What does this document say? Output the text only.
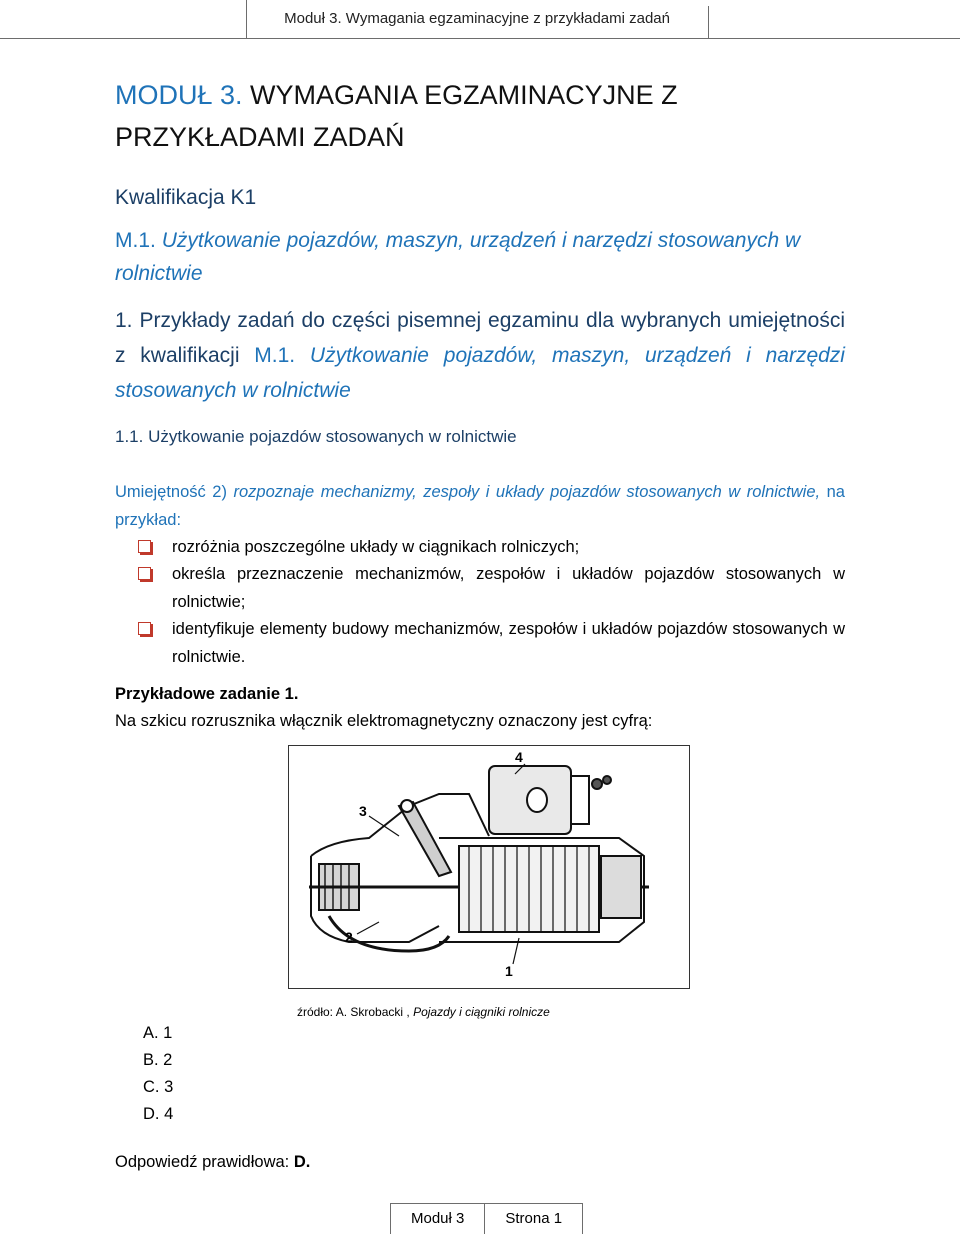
Moduł 3. Wymagania egzaminacyjne z przykładami zadań
MODUŁ 3. WYMAGANIA EGZAMINACYJNE Z PRZYKŁADAMI ZADAŃ
Kwalifikacja K1
M.1. Użytkowanie pojazdów, maszyn, urządzeń i narzędzi stosowanych w rolnictwie
1. Przykłady zadań do części pisemnej egzaminu dla wybranych umiejętności z kwalifikacji M.1. Użytkowanie pojazdów, maszyn, urządzeń i narzędzi stosowanych w rolnictwie
1.1. Użytkowanie pojazdów stosowanych w rolnictwie
Umiejętność 2) rozpoznaje mechanizmy, zespoły i układy pojazdów stosowanych w rolnictwie, na przykład:
rozróżnia poszczególne układy w ciągnikach rolniczych;
określa przeznaczenie mechanizmów, zespołów i układów pojazdów stosowanych w rolnictwie;
identyfikuje elementy budowy mechanizmów, zespołów i układów pojazdów stosowanych w rolnictwie.
Przykładowe zadanie 1.
Na szkicu rozrusznika włącznik elektromagnetyczny oznaczony jest cyfrą:
4
3
2
1
źródło: A. Skrobacki , Pojazdy i ciągniki rolnicze
A. 1
B. 2
C. 3
D. 4
Odpowiedź prawidłowa: D.
Moduł 3	Strona 1
